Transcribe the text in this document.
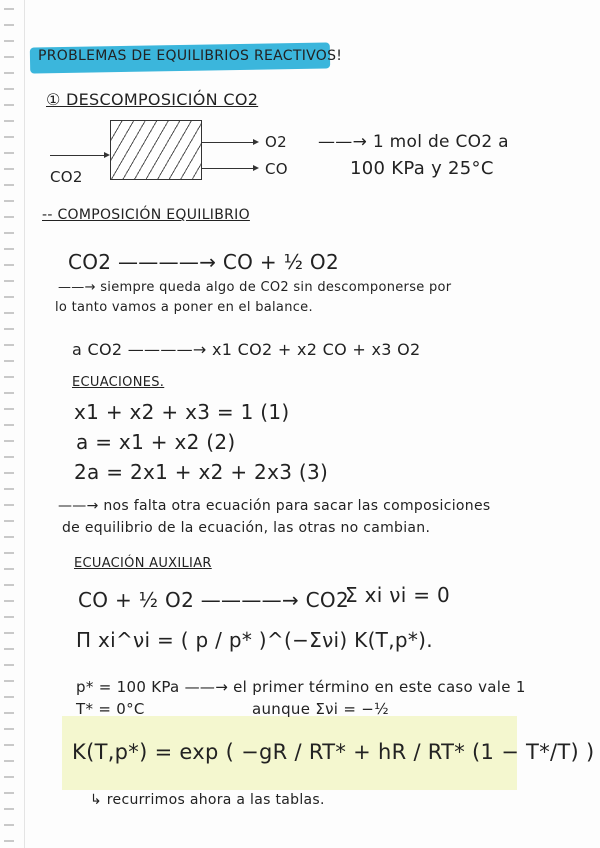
PROBLEMAS DE EQUILIBRIOS REACTIVOS!
① DESCOMPOSICIÓN CO2
CO2
O2
CO
——→ 1 mol de CO2 a
100 KPa y 25°C
-- COMPOSICIÓN EQUILIBRIO
CO2 ————→ CO + ½ O2
——→ siempre queda algo de CO2 sin descomponerse por
lo tanto vamos a poner en el balance.
a CO2 ————→ x1 CO2 + x2 CO + x3 O2
ECUACIONES.
x1 + x2 + x3 = 1 (1)
a = x1 + x2 (2)
2a = 2x1 + x2 + 2x3 (3)
——→ nos falta otra ecuación para sacar las composiciones
de equilibrio de la ecuación, las otras no cambian.
ECUACIÓN AUXILIAR
CO + ½ O2 ————→ CO2
Σ xi νi = 0
Π xi^νi = ( p / p* )^(−Σνi) K(T,p*).
p* = 100 KPa ——→ el primer término en este caso vale 1
T* = 0°C	aunque Σνi = −½
K(T,p*) = exp ( −gR / RT* + hR / RT* (1 − T*/T) )
↳ recurrimos ahora a las tablas.
